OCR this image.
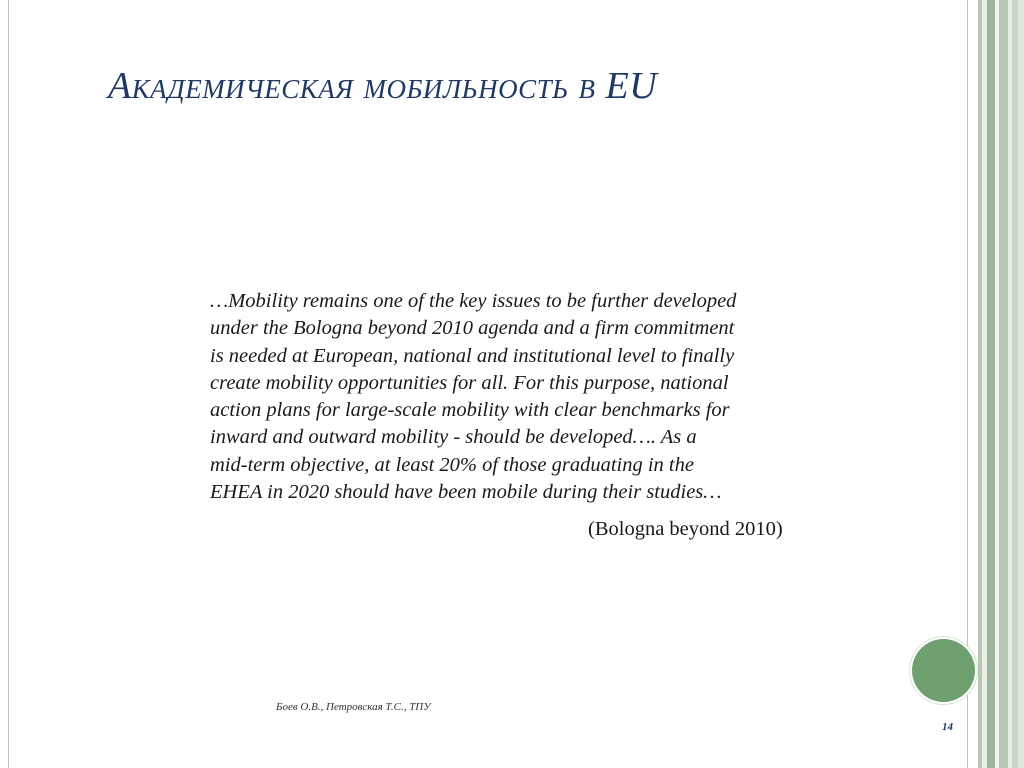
Академическая мобильность в EU
…Mobility remains one of the key issues to be further developed
under the Bologna beyond 2010 agenda and a firm commitment
is needed at European, national and institutional level to finally
create mobility opportunities for all. For this purpose, national
action plans for large-scale mobility with clear benchmarks for
inward and outward mobility - should be developed…. As a
mid-term objective, at least 20% of those graduating in the
EHEA in 2020 should have been mobile during their studies…
(Bologna beyond 2010)
Боев О.В., Петровская Т.С., ТПУ
14
